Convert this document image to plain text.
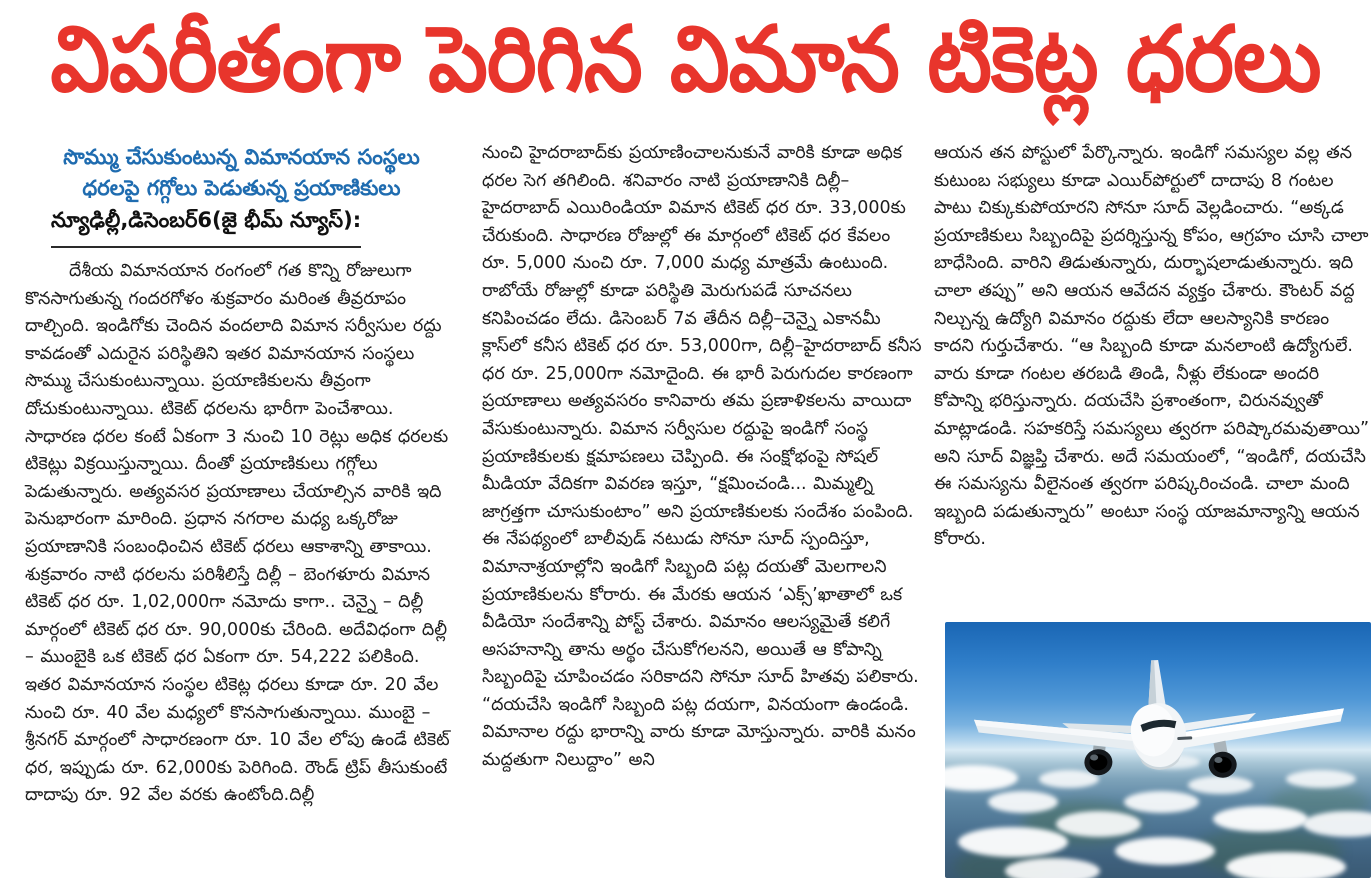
విపరీతంగా పెరిగిన విమాన టికెట్ల ధరలు
సొమ్ము చేసుకుంటున్న విమానయాన సంస్థలు
ధరలపై గగ్గోలు పెడుతున్న ప్రయాణికులు
న్యూఢిల్లీ,డిసెంబర్6(జై భీమ్ న్యూస్):

దేశీయ విమానయాన రంగంలో గత కొన్ని రోజులుగా కొనసాగుతున్న గందరగోళం శుక్రవారం మరింత తీవ్రరూపం దాల్చింది. ఇండిగోకు చెందిన వందలాది విమాన సర్వీసుల రద్దు కావడంతో ఎదురైన పరిస్థితిని ఇతర విమానయాన సంస్థలు సొమ్ము చేసుకుంటున్నాయి. ప్రయాణికులను తీవ్రంగా దోచుకుంటున్నాయి. టికెట్ ధరలను భారీగా పెంచేశాయి. సాధారణ ధరల కంటే ఏకంగా 3 నుంచి 10 రెట్లు అధిక ధరలకు టికెట్లు విక్రయిస్తున్నాయి. దీంతో ప్రయాణికులు గగ్గోలు పెడుతున్నారు. అత్యవసర ప్రయాణాలు చేయాల్సిన వారికి ఇది పెనుభారంగా మారింది. ప్రధాన నగరాల మధ్య ఒక్కరోజు ప్రయాణానికి సంబంధించిన టికెట్ ధరలు ఆకాశాన్ని తాకాయి. శుక్రవారం నాటి ధరలను పరిశీలిస్తే దిల్లీ – బెంగళూరు విమాన టికెట్ ధర రూ. 1,02,000గా నమోదు కాగా.. చెన్నై – దిల్లీ మార్గంలో టికెట్ ధర రూ. 90,000కు చేరింది. అదేవిధంగా దిల్లీ – ముంబైకి ఒక టికెట్ ధర ఏకంగా రూ. 54,222 పలికింది. ఇతర విమానయాన సంస్థల టికెట్ల ధరలు కూడా రూ. 20 వేల నుంచి రూ. 40 వేల మధ్యలో కొనసాగుతున్నాయి. ముంబై – శ్రీనగర్ మార్గంలో సాధారణంగా రూ. 10 వేల లోపు ఉండే టికెట్ ధర, ఇప్పుడు రూ. 62,000కు పెరిగింది. రౌండ్ ట్రిప్ తీసుకుంటే దాదాపు రూ. 92 వేల వరకు ఉంటోంది.దిల్లీ

నుంచి హైదరాబాద్‌కు ప్రయాణించాలనుకునే వారికి కూడా అధిక ధరల సెగ తగిలింది. శనివారం నాటి ప్రయాణానికి దిల్లీ–హైదరాబాద్ ఎయిరిండియా విమాన టికెట్ ధర రూ. 33,000కు చేరుకుంది. సాధారణ రోజుల్లో ఈ మార్గంలో టికెట్ ధర కేవలం రూ. 5,000 నుంచి రూ. 7,000 మధ్య మాత్రమే ఉంటుంది. రాబోయే రోజుల్లో కూడా పరిస్థితి మెరుగుపడే సూచనలు కనిపించడం లేదు. డిసెంబర్ 7వ తేదీన దిల్లీ–చెన్నై ఎకానమీ క్లాస్‌లో కనీస టికెట్ ధర రూ. 53,000గా, దిల్లీ–హైదరాబాద్ కనీస ధర రూ. 25,000గా నమోదైంది. ఈ భారీ పెరుగుదల కారణంగా ప్రయాణాలు అత్యవసరం కానివారు తమ ప్రణాళికలను వాయిదా వేసుకుంటున్నారు. విమాన సర్వీసుల రద్దుపై ఇండిగో సంస్థ ప్రయాణికులకు క్షమాపణలు చెప్పింది. ఈ సంక్షోభంపై సోషల్ మీడియా వేదికగా వివరణ ఇస్తూ, “క్షమించండి... మిమ్మల్ని జాగ్రత్తగా చూసుకుంటాం” అని ప్రయాణికులకు సందేశం పంపింది. ఈ నేపథ్యంలో బాలీవుడ్ నటుడు సోనూ సూద్ స్పందిస్తూ, విమానాశ్రయాల్లోని ఇండిగో సిబ్బంది పట్ల దయతో మెలగాలని ప్రయాణికులను కోరారు. ఈ మేరకు ఆయన ‘ఎక్స్’ఖాతాలో ఒక వీడియో సందేశాన్ని పోస్ట్ చేశారు. విమానం ఆలస్యమైతే కలిగే అసహనాన్ని తాను అర్థం చేసుకోగలనని, అయితే ఆ కోపాన్ని సిబ్బందిపై చూపించడం సరికాదని సోనూ సూద్ హితవు పలికారు. “దయచేసి ఇండిగో సిబ్బంది పట్ల దయగా, వినయంగా ఉండండి. విమానాల రద్దు భారాన్ని వారు కూడా మోస్తున్నారు. వారికి మనం మద్దతుగా నిలుద్దాం” అని

ఆయన తన పోస్టులో పేర్కొన్నారు. ఇండిగో సమస్యల వల్ల తన కుటుంబ సభ్యులు కూడా ఎయిర్‌పోర్టులో దాదాపు 8 గంటల పాటు చిక్కుకుపోయారని సోనూ సూద్ వెల్లడించారు. “అక్కడ ప్రయాణికులు సిబ్బందిపై ప్రదర్శిస్తున్న కోపం, ఆగ్రహం చూసి చాలా బాధేసింది. వారిని తిడుతున్నారు, దుర్భాషలాడుతున్నారు. ఇది చాలా తప్పు” అని ఆయన ఆవేదన వ్యక్తం చేశారు. కౌంటర్ వద్ద నిల్చున్న ఉద్యోగి విమానం రద్దుకు లేదా ఆలస్యానికి కారణం కాదని గుర్తుచేశారు. “ఆ సిబ్బంది కూడా మనలాంటి ఉద్యోగులే. వారు కూడా గంటల తరబడి తిండి, నీళ్లు లేకుండా అందరి కోపాన్ని భరిస్తున్నారు. దయచేసి ప్రశాంతంగా, చిరునవ్వుతో మాట్లాడండి. సహకరిస్తే సమస్యలు త్వరగా పరిష్కారమవుతాయి” అని సూద్ విజ్ఞప్తి చేశారు. అదే సమయంలో, “ఇండిగో, దయచేసి ఈ సమస్యను వీలైనంత త్వరగా పరిష్కరించండి. చాలా మంది ఇబ్బంది పడుతున్నారు” అంటూ సంస్థ యాజమాన్యాన్ని ఆయన కోరారు.
